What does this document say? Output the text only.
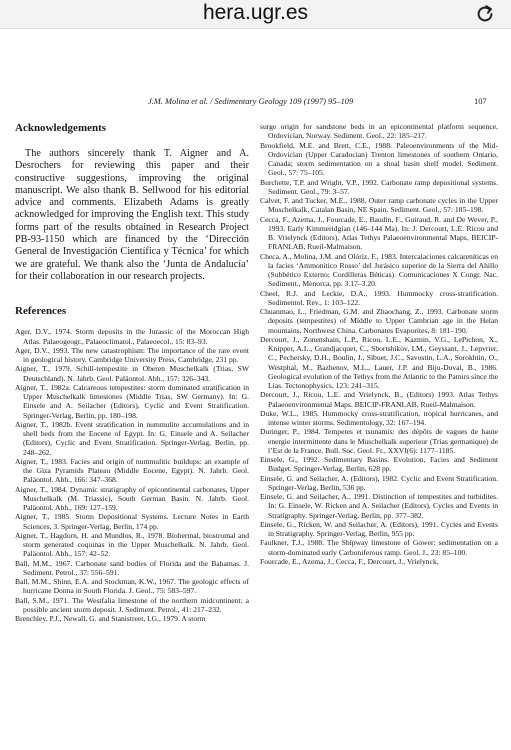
hera.ugr.es
J.M. Molina et al. / Sedimentary Geology 109 (1997) 95–109	107
Acknowledgements

The authors sincerely thank T. Aigner and A. Desrochers for reviewing this paper and their constructive suggestions, improving the original manuscript. We also thank B. Sellwood for his editorial advice and comments. Elizabeth Adams is greatly acknowledged for improving the English text. This study forms part of the results obtained in Research Project PB-93-1150 which are financed by the ‘Dirección General de Investigación Científica y Técnica’ for which we are grateful. We thank also the ‘Junta de Andalucía’ for their collaboration in our research projects.

References

Ager, D.V., 1974. Storm deposits in the Jurassic of the Moroccan High Atlas. Palaeogeogr., Palaeoclimatol., Palaeoecol., 15: 83–93.

Ager, D.V., 1993. The new catastrophism: The importance of the rare event in geological history. Cambridge University Press, Cambridge, 231 pp.

Aigner, T., 1979. Schill-tempestite in Oberen Muschelkalk (Trias, SW Deutschland). N. Jahrb. Geol. Paläontol. Abh., 157: 326–343.

Aigner, T., 1982a. Calcareous tempestites: storm dominated stratification in Upper Muschelkalk limestones (Middle Trias, SW Germany). In: G. Einsele and A. Seilacher (Editors), Cyclic and Event Stratification. Springer-Verlag, Berlin, pp. 180–198.

Aigner, T., 1982b. Event stratification in nummulite accumulations and in shell beds from the Eocene of Egypt. In: G. Einsele and A. Seilacher (Editors), Cyclic and Event Stratification. Springer-Verlag, Berlin, pp. 248–262.

Aigner, T., 1983. Facies and origin of nummulitic buildups: an example of the Giza Pyramids Plateau (Middle Eocene, Egypt). N. Jahrb. Geol. Paläontol. Abh., 166: 347–368.

Aigner, T., 1984. Dynamic stratigraphy of epicontinental carbonates, Upper Muschelkalk (M. Triassic), South German Basin. N. Jahrb. Geol. Paläontol. Abh., 169: 127–159.

Aigner, T., 1985. Storm Depositional Systems. Lecture Notes in Earth Sciences, 3. Springer-Verlag, Berlin, 174 pp.

Aigner, T., Hagdorn, H. and Mundlos, R., 1978. Biohermal, biostromal and storm generated coquinas in the Upper Muschelkalk. N. Jahrb. Geol. Paläontol. Abh., 157: 42–52.

Ball, M.M., 1967. Carbonate sand bodies of Florida and the Bahamas. J. Sediment. Petrol., 37: 556–591.

Ball, M.M., Shinn, E.A. and Stockman, K.W., 1967. The geologic effects of hurricane Donna in South Florida. J. Geol., 75: 583–597.

Ball, S.M., 1971. The Westfalia limestone of the northern midcontinent: a possible ancient storm deposit. J. Sediment. Petrol., 41: 217–232.

Brenchley, P.J., Newall, G. and Stanistreet, I.G., 1979. A storm

surge origin for sandstone beds in an epicontinental platform sequence, Ordovician, Norway. Sediment. Geol., 22: 185–217.

Brookfield, M.E. and Brett, C.E., 1988. Paleoenvironments of the Mid-Ordovician (Upper Caradocian) Trenton limestones of southern Ontario, Canada; storm sedimentation on a shoal basin shelf model. Sediment. Geol., 57: 75–105.

Burchette, T.P. and Wright, V.P., 1992. Carbonate ramp depositional systems. Sediment. Geol., 79: 3–57.

Calvet, F. and Tucker, M.E., 1988. Outer ramp carbonate cycles in the Upper Muschelkalk, Catalan Basin, NE Spain. Sediment. Geol., 57: 185–198.

Cecca, F., Azema, J., Fourcade, E., Baudin, F., Guiraud, R. and De Wever, P., 1993. Early Kimmeridgian (146–144 Ma). In: J. Dercourt, L.E. Ricou and B. Vrielynck (Editors), Atlas Tethys Palaeoenvironmental Maps, BEICIP-FRANLAB, Rueil-Malmaison.

Checa, A., Molina, J.M. and Olóriz, F., 1983. Intercalaciones calcareníticas en la facies ‘Ammonitico Rosso’ del Jurásico superior de la Sierra del Ahillo (Subbético Externo; Cordilleras Béticas). Comunicaciones X Congr. Nac. Sediment., Menorca, pp. 3.17–3.20.

Cheel, R.J. and Leckie, D.A., 1993. Hummocky cross-stratification. Sedimentol. Rev., 1: 103–122.

Chuanmao, L., Friedman, G.M. and Zhaochang, Z., 1993. Carbonate storm deposits (tempestites) of Middle to Upper Cambrian age in the Helan mountains, Northwest China. Carbonates Evaporites, 8: 181–190.

Dercourt, J., Zonenshain, L.P., Ricou, L.E., Kazmin, V.G., LePichon, X., Knipper, A.L., Grandjacquet, C., Sbortshikov, I.M., Geyssant, J., Lepvrier, C., Pechersky, D.H., Boulin, J., Sibuet, J.C., Savostin, L.A., Sorokhtin, O., Westphal, M., Bazhenov, M.L., Lauer, J.P. and Biju-Duval, B., 1986. Geological evolution of the Tethys from the Atlantic to the Pamirs since the Lias. Tectonophysics, 123: 241–315.

Dercourt, J., Ricou, L.E. and Vrielynck, B., (Editors) 1993. Atlas Tethys Palaeoenvironmental Maps. BEICIP-FRANLAB, Rueil-Malmaison.

Duke, W.L., 1985. Hummocky cross-stratification, tropical hurricanes, and intense winter storms. Sedimentology, 32: 167–194.

Duringer, P., 1984. Tempetes et tsunamis: des dépôts de vagues de haute energie intermittente dans le Muschelkalk superieur (Trias germanique) de l’Est de la France. Bull. Soc. Geol. Fr., XXVI(6): 1177–1185.

Einsele, G., 1992. Sedimentary Basins. Evolution, Facies and Sediment Budget. Springer-Verlag, Berlin, 628 pp.

Einsele, G. and Seilacher, A. (Editors), 1982. Cyclic and Event Stratification. Springer-Verlag, Berlin, 536 pp.

Einsele, G. and Seilacher, A., 1991. Distinction of tempestites and turbidites. In: G. Einsele, W. Ricken and A. Seilacher (Editors), Cycles and Events in Stratigraphy. Springer-Verlag, Berlin, pp. 377–382.

Einsele, G., Ricken, W. and Seilacher, A. (Editors), 1991. Cycles and Events in Stratigraphy. Springer-Verlag, Berlin, 955 pp.

Faulkner, T.J., 1988. The Shipway limestone of Gower: sedimentation on a storm-dominated early Carboniferous ramp. Geol. J., 23: 85–100.

Fourcade, E., Azema, J., Cecca, F., Dercourt, J., Vrielynck,
